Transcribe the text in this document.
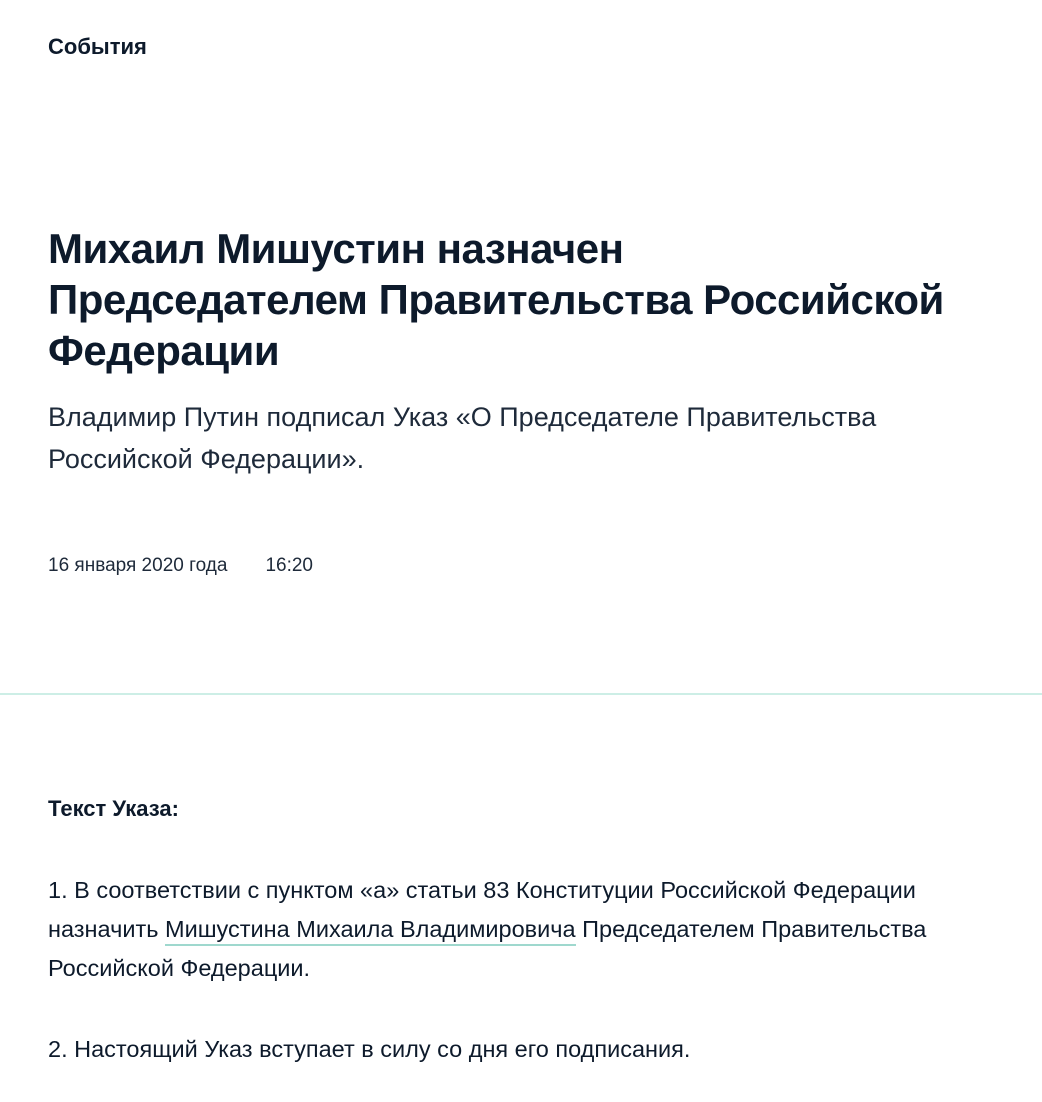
События
Михаил Мишустин назначен Председателем Правительства Российской Федерации

Владимир Путин подписал Указ «О Председателе Правительства Российской Федерации».

16 января 2020 года 16:20
Текст Указа:

1. В соответствии с пунктом «а» статьи 83 Конституции Российской Федерации назначить Мишустина Михаила Владимировича Председателем Правительства Российской Федерации.

2. Настоящий Указ вступает в силу со дня его подписания.
